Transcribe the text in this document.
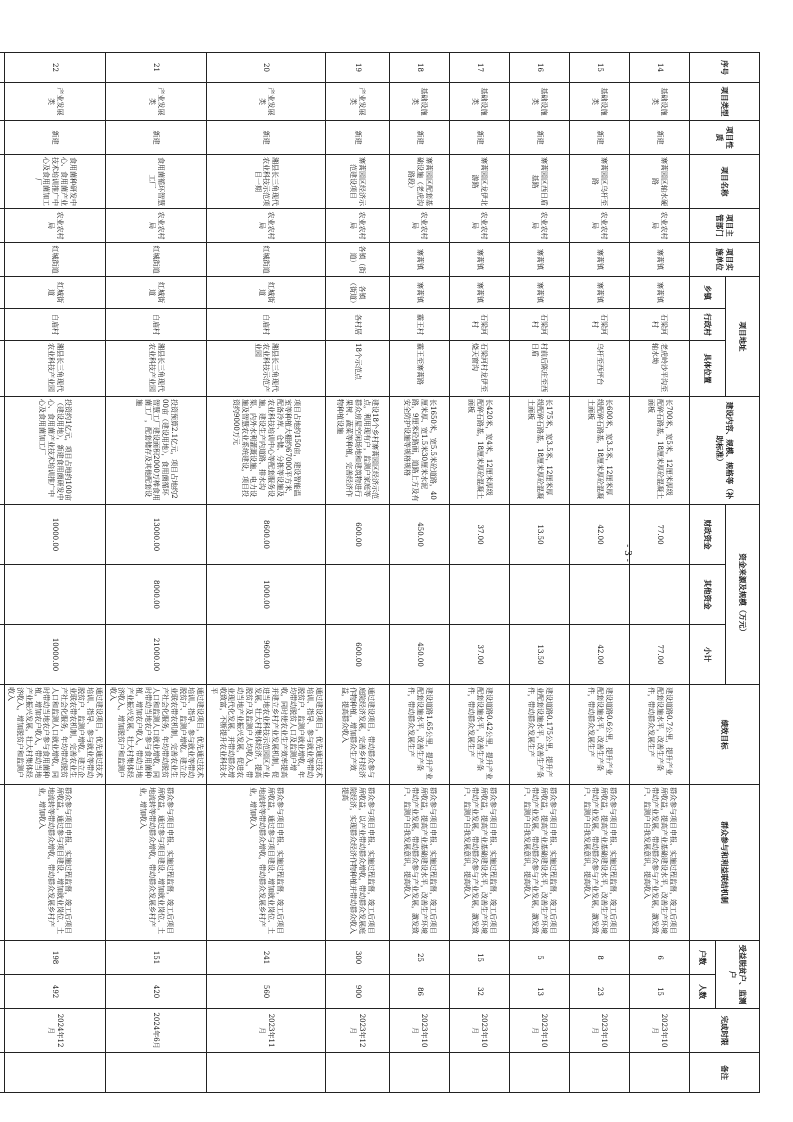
序号	项目类型	项目性质	项目名称	项目主管部门	项目实施单位	项目地址			建设内容、规模、规格等（补助标准）	资金来源及规模（万元）			绩效目标	群众参与和利益联结机制	受益脱贫户、监测户		完成时限	备注
						乡镇	行政村	具体位置		财政资金	其他资金	小计						
															户数	人数		
14	基础设施类	新建	寨蒿园区轴水硬路	农业农村局	寨蒿镇	寨蒿镇	石梁河村	老虎岭沙平沟至轴水坳	长700米，宽5米，12厘米厚级配碎石路基，18厘米厚砼混凝土面板	77.00		77.00	建设道路0.7公里，提升产业配套设施水平，改善生产条件，带动群众发展生产	群众参与项目申报、实施过程监督，竣工后项目所收益，提高产业基础建设水平，改善生产环境带动产业发展，带动群众参与产业发展，激发致户、监测户自我发展意识，提高收入	6	15	2023年10月	
15	基础设施类	新建	寨蒿园区乌杆至路	农业农村局	寨蒿镇	寨蒿镇	石梁河村	乌杆至西坪台	长600米，宽3.5米，12厘米厚级配碎石路基，18厘米厚砼混凝土面板	42.00		42.00	建设道路0.6公里，提升产业配套设施水平，改善生产条件，带动群众发展生产	群众参与项目申报、实施过程监督，竣工后项目所收益，提高产业基础建设水平，改善生产环境带动产业发展，带动群众参与产业发展，激发致户、监测户自我发展意识，提高收入	8	23	2023年10月	
16	基础设施类	新建	寨蒿园区西日盾基路	农业农村局	寨蒿镇	寨蒿镇	石梁河村	村前后陈庄至西日盾	长175米，宽3.5米，12厘米厚级配碎石路基，18厘米厚砼混凝土面板	13.50		13.50	建设道路0.175公里，提升产业配套设施水平，改善生产条件，带动群众发展生产	群众参与项目申报、实施过程监督，竣工后项目所收益，提高产业基础建设水平，改善生产环境带动产业发展，带动群众参与产业发展，激发致户、监测户自我发展意识，提高收入	5	13	2023年10月	
17	基础设施类	新建	寨蒿园区龙伊北游路	农业农村局	寨蒿镇	寨蒿镇	石梁河村	石梁河村龙伊至烧天窗沟	长420米，宽4米，12厘米厚级配碎石路基，18厘米厚砼混凝土面板	37.00		37.00	建设道路0.42公里，提升产业配套设施水平，改善生产条件，带动群众发展生产	群众参与项目申报、实施过程监督，竣工后项目所收益，提高产业基础建设水平，改善生产环境带动产业发展，带动群众参与产业发展，激发致户、监测户自我发展意识，提高收入	15	32	2023年10月	
18	基础设施类	新建	寨蒿园区配套基础设施（老虎沟路段）	农业农村局	寨蒿镇	寨蒿镇	霸王村	霸王至寨蒿路	长1650米，宽5.5米砼道路，40厘米厚、宽1.5米30厘米水泥路，9厘米砼路面，道路上方及有安全防护设施等规格规格	450.00		450.00	建设道路1.65公里，提升产业配套设施水平，改善生产条件，带动群众发展生产	群众参与项目申报、实施过程监督，竣工后项目所收益，提高产业基础建设水平，改善生产环境带动产业发展，带动群众参与产业发展，激发致户、监测户自我发展意识，提高收入	25	86	2023年10月	
19	产业发展类	新建	寨蒿园区经济示范建设项目	农业农村局	各镇（街道）	各镇（街道）	各村居	18个示范点	建设18个乡村寨蒿园区经济示范点，利用现有户，监测户家庭等群众房屋空闲场地和建筑物进行果树、蔬菜等种植，完善经济作物种植设施	600.00		600.00	通过建设项目，带动群众参与庭院经济发展，完善乡村经济作物种植，增加群众生产效益，提高群众收入	群众参与项目申报、实施过程监督，竣工后项目所收益，以产业带动群众增收，带动群众发展庭院经济，实现群众经济作物种植并带动群众收入提高	300	900	2023年12月	
20	产业发展类	新建	湘县长三角现代农业科技示范项目一期	农业农村局	红城街道	红城街道	白庙村	湘县长三角现代农业科技示范产业园	项目占地约150亩，建设智能温室等种植大棚约67000平方米，配备冷库、仓储、分拣等设施及农业科技培训中心等配套服务设施，建设生产内道路、排水沟渠、内外水利灌溉设施、电力设施及智慧农业系统建设，项目投资约9000万元	8600.00	1000.00	9600.00	通过建设项目，优先通过技术培训、指导、参与就业等带动脱贫户、监测户就业增收，年均带动脱贫人口及监测户增收，同时使农业生产效率提高并建立乡村产业发展机制，促进当地农业科技示范园区产业发展，壮大村集体经济，提高脱贫户及监测户人均收入，带动当地产业振兴发展，促进农业现代化发展，并带动群众增收致富，不断提升农业科技水平	群众参与项目申报、实施过程监督，竣工后项目所收益，通过参与项目建设、增加就业岗位、土地流转等带动群众增收，带动群众发展乡村产业，增加收入	241	560	2023年11月	
21	产业发展类	新建	食用菌循环智慧工厂	农业农村局	红城街道	红城街道	白庙村	湘县长三角现代农业科技产业园	投资预算2.1亿元，项目占地约200亩（建设用地），食用菌循环智慧工厂建设面积2000万棒食用菌工厂，配套储存及其他配套设施	13000.00	8000.00	21000.00	通过建设项目，优先通过技术培训、指导、参与就业等带动脱贫户、监测户增收。建立企业联农带农机制，完善农业生产社会化服务，年均带动脱贫人口和监测人口就业增收，同时带动当地农户参与食用菌种植，增加农户收入，带动当地产业振兴发展，壮大村集体经济收入，增加脱贫户和监测户收入	群众参与项目申报、实施过程监督，竣工后项目所收益，通过参与项目建设、增加就业岗位、土地流转等带动群众增收，带动群众发展乡村产业，增加收入	151	420	2024年6月	
22	产业发展类	新建	食用菌种研发中心、食用菌产业技术培训推广中心及食用菌加工厂	农业农村局	红城街道	红城街道	白庙村	湘县长三角现代农业科技产业园	投资约1亿元，项目占地约100亩（建设用地），新建食用菌研发中心、食用菌产业技术培训推广中心及食用菌加工厂	10000.00		10000.00	通过建设项目，优先通过技术培训、指导、参与就业等带动脱贫户、监测户增收。建立企业联农带农机制，完善农业生产社会化服务，年均带动脱贫人口和监测人口就业增收，同时带动当地农户参与食用菌种植，增加农户收入，带动当地产业振兴发展，壮大村集体经济收入，增加脱贫户和监测户收入	群众参与项目申报、实施过程监督，竣工后项目所收益，通过参与项目建设、增加就业岗位、土地流转等带动群众增收，带动群众发展乡村产业，增加收入	198	492	2024年12月	

- 3 -
